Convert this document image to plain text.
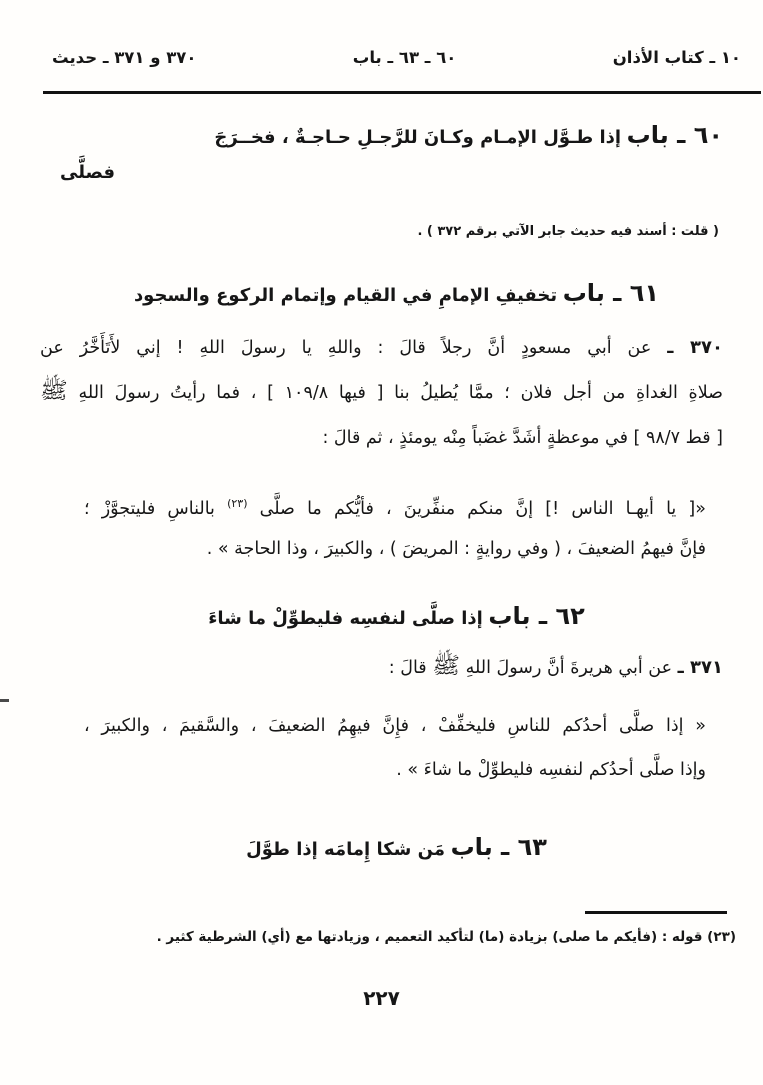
١٠ ـ كتاب الأذان
٦٠ ـ ٦٣ ـ باب
٣٧٠ و ٣٧١ ـ حديث
٦٠ ـ باب إذا طـوَّل الإمـام وكـانَ للرَّجـلِ حـاجـةٌ ، فخــرَجَ
فصلَّى
( قلت : أسند فيه حديث جابر الآتي برقم ٣٧٢ ) .
٦١ ـ باب تخفيفِ الإمامِ في القيام وإتمام الركوع والسجود
٣٧٠ ـ عن أبي مسعودٍ أنَّ رجلاً قالَ : واللهِ يا رسولَ اللهِ ! إني لأَتَأَخَّرُ عن
صلاةِ الغداةِ من أجل فلان ؛ ممَّا يُطيلُ بنا [ فيها ١٠٩/٨ ] ، فما رأيتُ رسولَ اللهِ ﷺ
[ قط ٩٨/٧ ] في موعظةٍ أشَدَّ غضَباً مِنْه يومئذٍ ، ثم قالَ :
«[ يا أيهـا الناس !] إنَّ منكم منفِّرينَ ، فأيُّكم ما صلَّى $^{(٢٣)}$ بالناسِ فليتجوَّزْ ؛
فإنَّ فيهمُ الضعيفَ ، ( وفي روايةٍ : المريضَ ) ، والكبيرَ ، وذا الحاجة » .
٦٢ ـ باب إذا صلَّى لنفسِه فليطوِّلْ ما شاءَ
٣٧١ ـ عن أبي هريرةَ أنَّ رسولَ اللهِ ﷺ قالَ :
« إذا صلَّى أحدُكم للناسِ فليخفِّفْ ، فإِنَّ فيهِمُ الضعيفَ ، والسَّقيمَ ، والكبيرَ ،
وإذا صلَّى أحدُكم لنفسِه فليطوِّلْ ما شاءَ » .
٦٣ ـ باب مَن شكا إِمامَه إذا طوَّلَ
(٢٣) قوله : (فأيكم ما صلى) بزيادة (ما) لتأكيد التعميم ، وزيادتها مع (أي) الشرطية كثير .
٢٢٧
